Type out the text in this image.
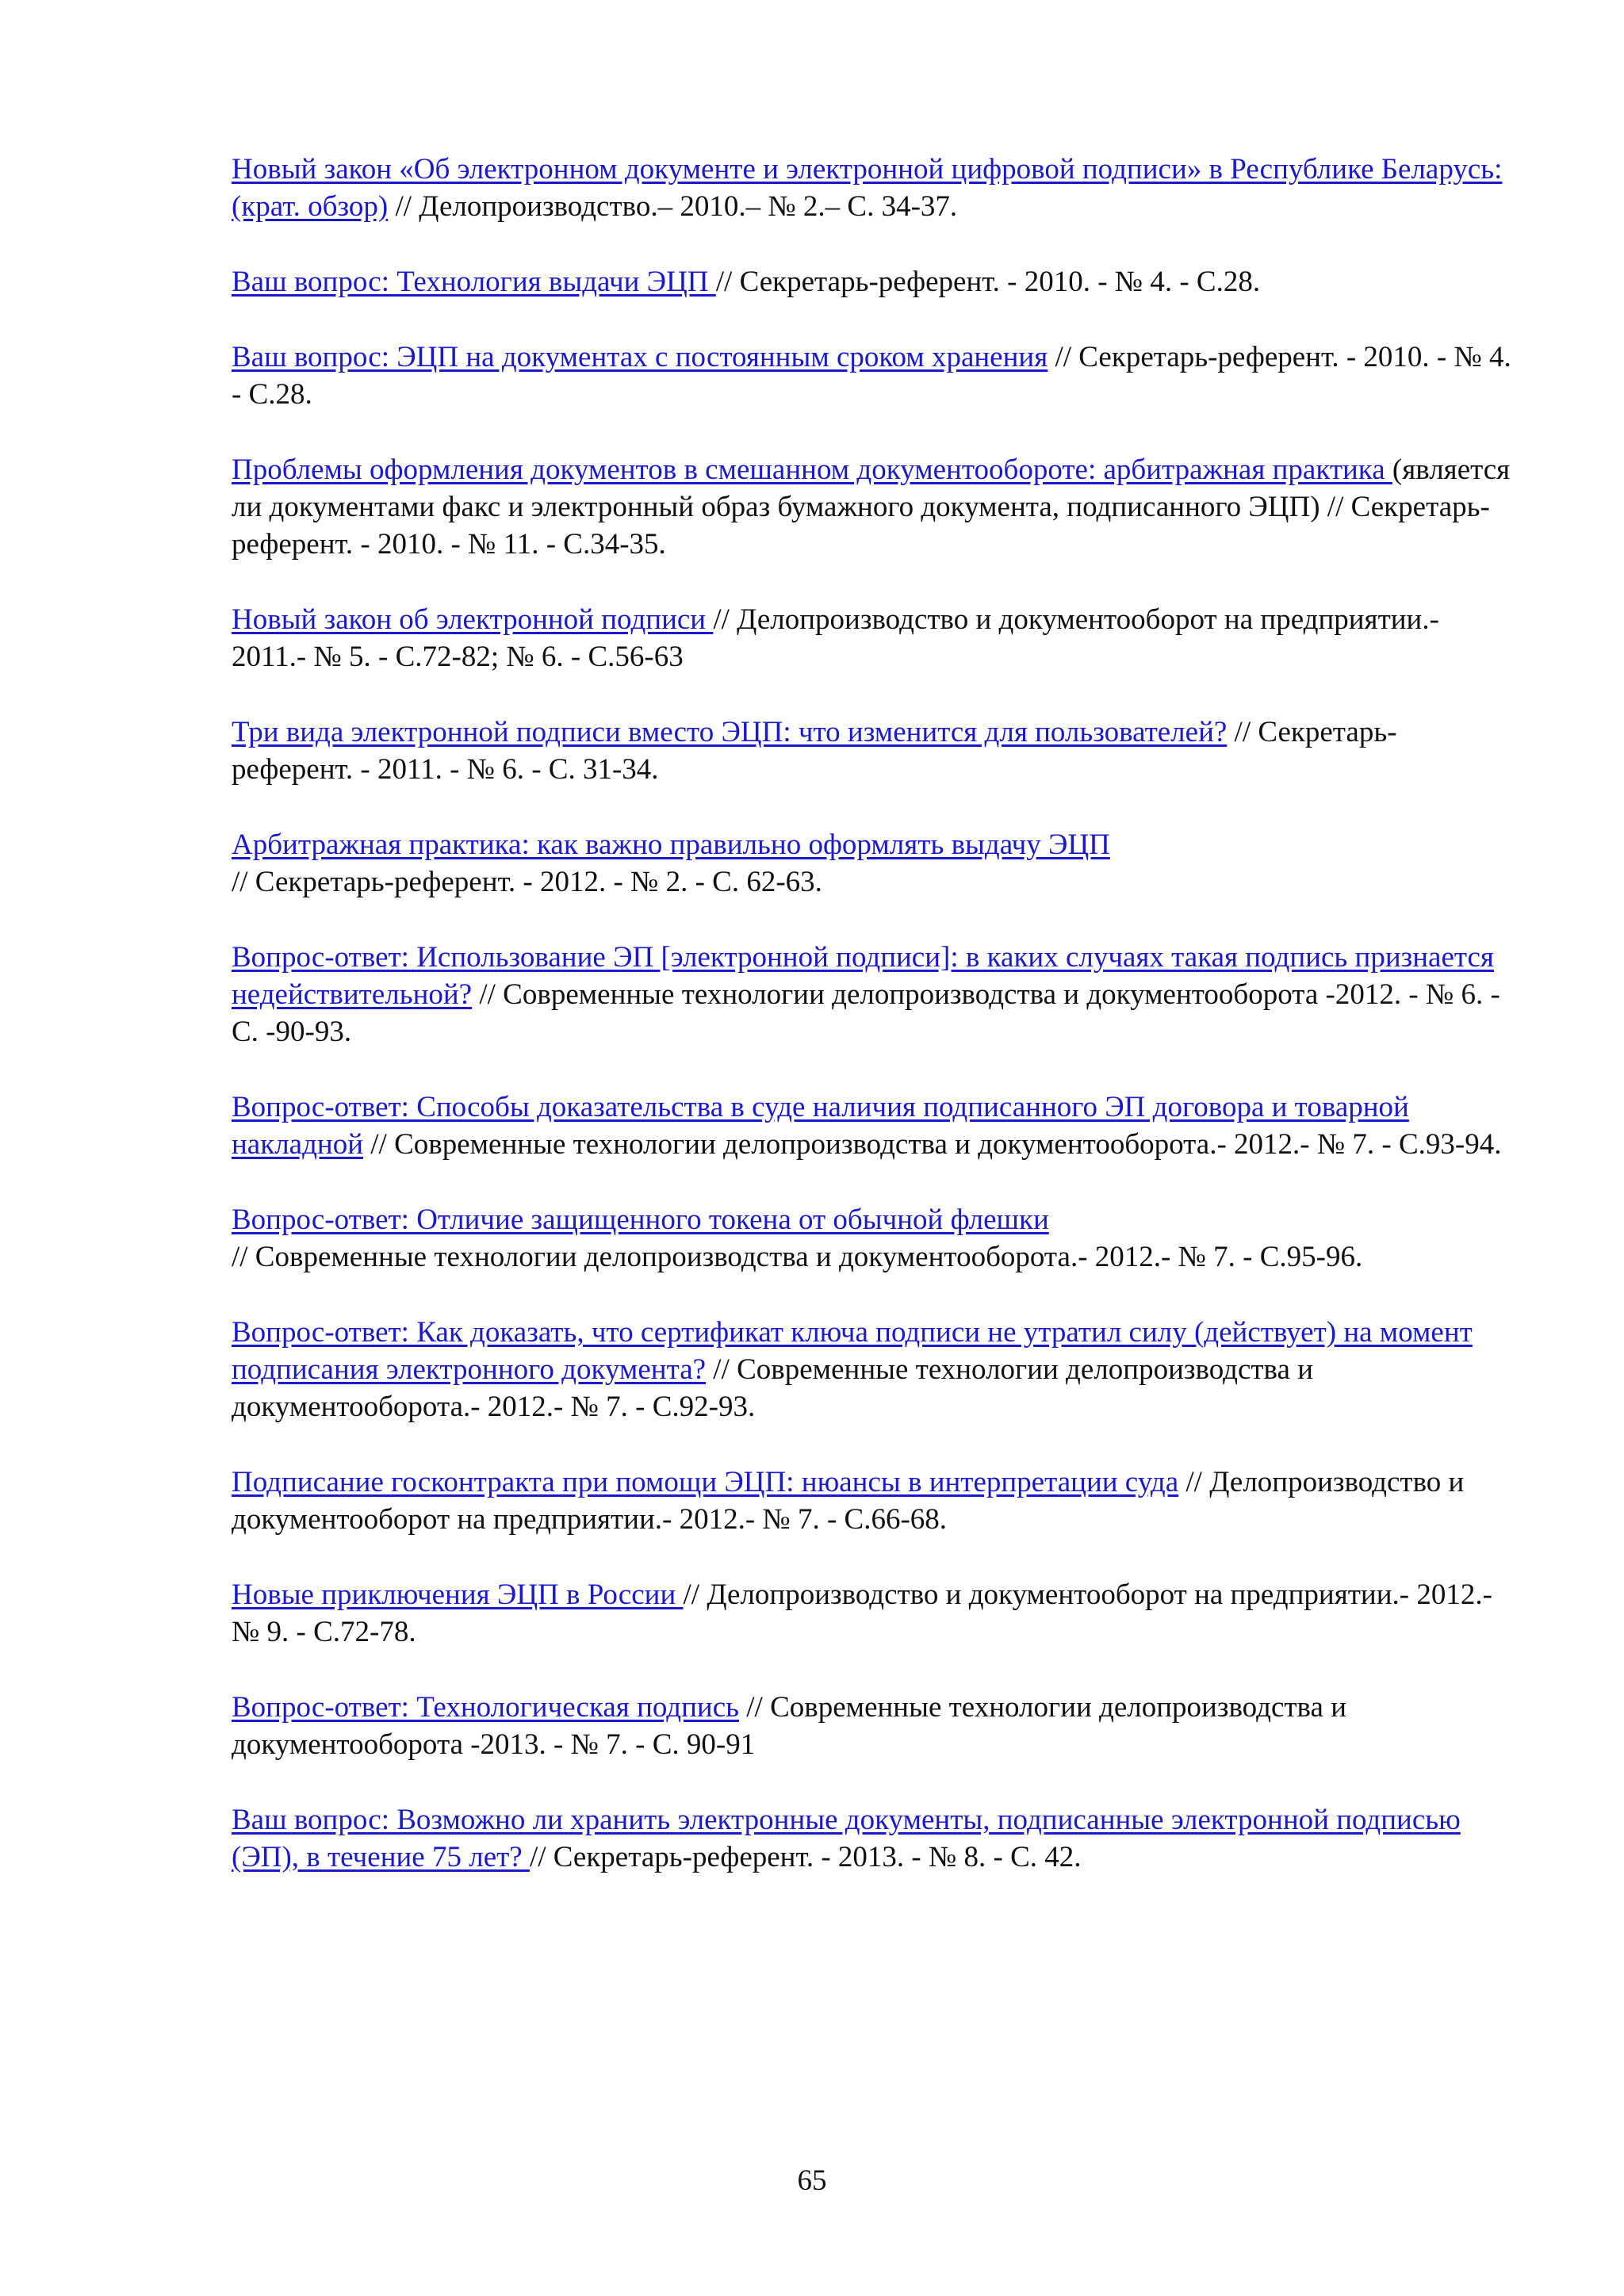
Новый закон «Об электронном документе и электронной цифровой подписи» в Республике Беларусь: (крат. обзор) // Делопроизводство.– 2010.– № 2.– С. 34-37.

Ваш вопрос: Технология выдачи ЭЦП // Секретарь-референт. - 2010. - № 4. - С.28.

Ваш вопрос: ЭЦП на документах с постоянным сроком хранения // Секретарь-референт. - 2010. - № 4. - С.28.

Проблемы оформления документов в смешанном документообороте: арбитражная практика (является ли документами факс и электронный образ бумажного документа, подписанного ЭЦП) // Секретарь-референт. - 2010. - № 11. - С.34-35.

Новый закон об электронной подписи // Делопроизводство и документооборот на предприятии.- 2011.- № 5. - С.72-82; № 6. - С.56-63

Три вида электронной подписи вместо ЭЦП: что изменится для пользователей? // Секретарь-референт. - 2011. - № 6. - С. 31-34.

Арбитражная практика: как важно правильно оформлять выдачу ЭЦП
// Секретарь-референт. - 2012. - № 2. - С. 62-63.

Вопрос-ответ: Использование ЭП [электронной подписи]: в каких случаях такая подпись признается недействительной? // Современные технологии делопроизводства и документооборота -2012. - № 6. - С. -90-93.

Вопрос-ответ: Способы доказательства в суде наличия подписанного ЭП договора и товарной накладной // Современные технологии делопроизводства и документооборота.- 2012.- № 7. - С.93-94.

Вопрос-ответ: Отличие защищенного токена от обычной флешки
// Современные технологии делопроизводства и документооборота.- 2012.- № 7. - С.95-96.

Вопрос-ответ: Как доказать, что сертификат ключа подписи не утратил силу (действует) на момент подписания электронного документа? // Современные технологии делопроизводства и документооборота.- 2012.- № 7. - С.92-93.

Подписание госконтракта при помощи ЭЦП: нюансы в интерпретации суда // Делопроизводство и документооборот на предприятии.- 2012.- № 7. - С.66-68.

Новые приключения ЭЦП в России // Делопроизводство и документооборот на предприятии.- 2012.- № 9. - С.72-78.

Вопрос-ответ: Технологическая подпись // Современные технологии делопроизводства и документооборота -2013. - № 7. - С. 90-91

Ваш вопрос: Возможно ли хранить электронные документы, подписанные электронной подписью (ЭП), в течение 75 лет? // Секретарь-референт. - 2013. - № 8. - С. 42.

65
